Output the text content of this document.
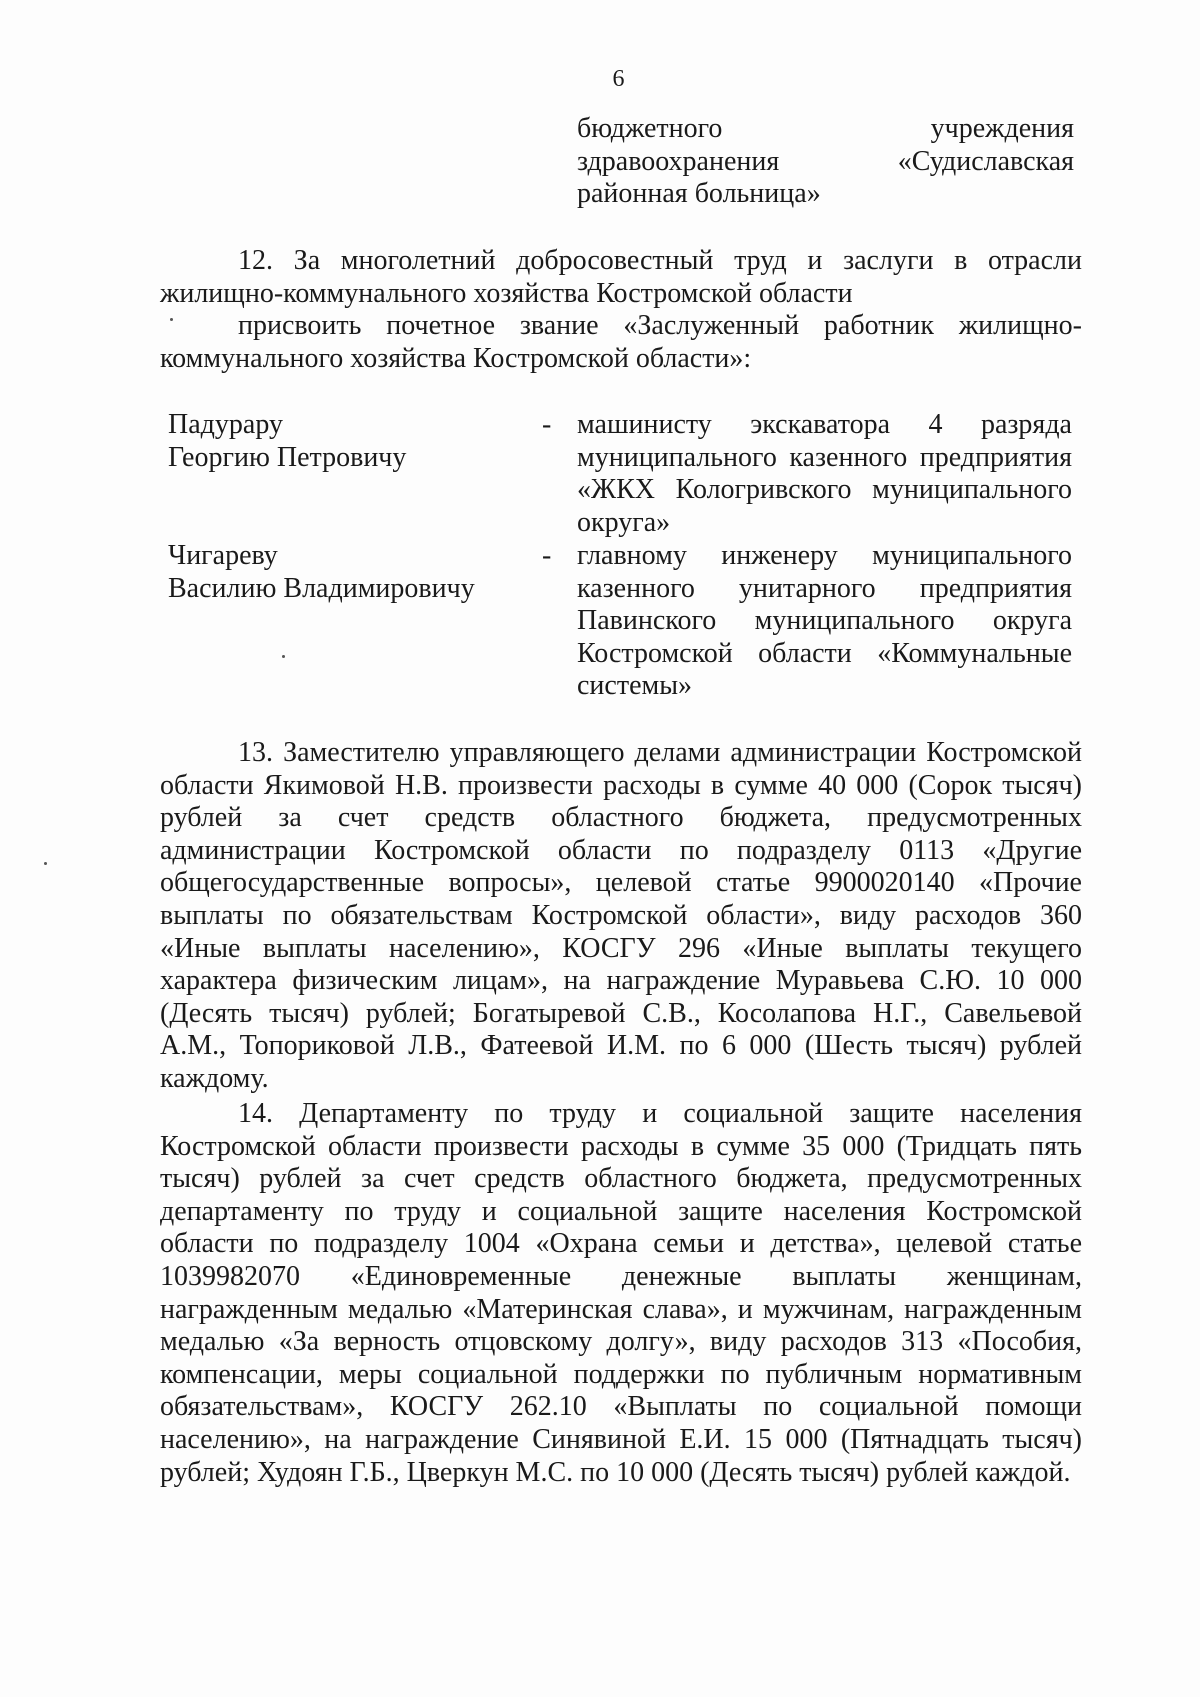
6
бюджетного	учреждения
здравоохранения	«Судиславская
районная больница»
12. За многолетний добросовестный труд и заслуги в отрасли
жилищно-коммунального хозяйства Костромской области
присвоить почетное звание «Заслуженный работник жилищно-
коммунального хозяйства Костромской области»:
Падурару
Георгию Петровичу
- машинисту экскаватора 4 разряда
муниципального казенного предприятия
«ЖКХ Кологривского муниципального
округа»
Чигареву
Василию Владимировичу
- главному инженеру муниципального
казенного унитарного предприятия
Павинского муниципального округа
Костромской области «Коммунальные
системы»

13. Заместителю управляющего делами администрации Костромской области Якимовой Н.В. произвести расходы в сумме 40 000 (Сорок тысяч) рублей за счет средств областного бюджета, предусмотренных администрации Костромской области по подразделу 0113 «Другие общегосударственные вопросы», целевой статье 9900020140 «Прочие выплаты по обязательствам Костромской области», виду расходов 360 «Иные выплаты населению», КОСГУ 296 «Иные выплаты текущего характера физическим лицам», на награждение Муравьева С.Ю. 10 000 (Десять тысяч) рублей; Богатыревой С.В., Косолапова Н.Г., Савельевой А.М., Топориковой Л.В., Фатеевой И.М. по 6 000 (Шесть тысяч) рублей каждому.

14. Департаменту по труду и социальной защите населения Костромской области произвести расходы в сумме 35 000 (Тридцать пять тысяч) рублей за счет средств областного бюджета, предусмотренных департаменту по труду и социальной защите населения Костромской области по подразделу 1004 «Охрана семьи и детства», целевой статье 1039982070 «Единовременные денежные выплаты женщинам, награжденным медалью «Материнская слава», и мужчинам, награжденным медалью «За верность отцовскому долгу», виду расходов 313 «Пособия, компенсации, меры социальной поддержки по публичным нормативным обязательствам», КОСГУ 262.10 «Выплаты по социальной помощи населению», на награждение Синявиной Е.И. 15 000 (Пятнадцать тысяч) рублей; Худоян Г.Б., Цверкун М.С. по 10 000 (Десять тысяч) рублей каждой.
